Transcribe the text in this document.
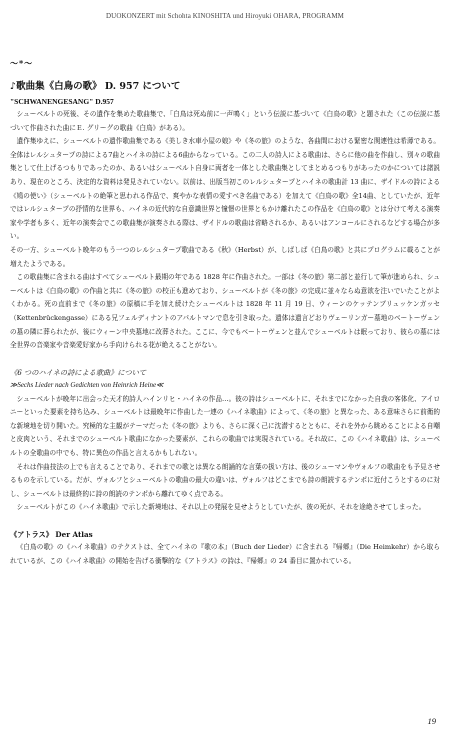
DUOKONZERT mit Schohta KINOSHITA und Hiroyuki OHARA, PROGRAMM
～*～
♪歌曲集《白鳥の歌》 D. 957 について
"SCHWANENGESANG" D.957

シューベルトの死後、その遺作を集めた歌曲集で、「白鳥は死ぬ前に一声鳴く」という伝説に基づいて《白鳥の歌》と題された（この伝説に基づいて作曲された曲にＥ. グリーグの歌曲《白鳥》がある）。

遺作集ゆえに、シューベルトの遺作歌曲集である《美しき水車小屋の娘》や《冬の旅》のような、各曲間における緊密な関連性は希薄である。全体はレルシュタープの詩による7曲とハイネの詩による6曲からなっている。この二人の詩人による歌曲は、さらに他の曲を作曲し、別々の歌曲集として仕上げるつもりであったのか、あるいはシューベルト自身に両者を一体とした歌曲集としてまとめるつもりがあったのかについては諸説あり、現在のところ、決定的な資料は発見されていない。以前は、出版当初このレルシュタープとハイネの歌曲計 13 曲に、ザイドルの詩による《鳩の使い》（シューベルトの絶筆と思われる作品で、爽やかな表情の愛すべき名曲である）を加えて《白鳥の歌》全14曲、としていたが、近年ではレルシュタープの抒情的な世界も、ハイネの近代的な自意識世界と憧憬の世界ともかけ離れたこの作品を《白鳥の歌》とは分けて考える演奏家や学者も多く、近年の演奏会でこの歌曲集が演奏される際は、ザイドルの歌曲は省略されるか、あるいはアンコールにされるなどする場合が多い。

その一方、シューベルト晩年のもう一つのレルシュタープ歌曲である《秋》（Herbst）が、しばしば《白鳥の歌》と共にプログラムに載ることが増えたようである。

この歌曲集に含まれる曲はすべてシューベルト最期の年である 1828 年に作曲された。一部は《冬の旅》第二部と並行して筆が進められ、シューベルトは《白鳥の歌》の作曲と共に《冬の旅》の校正も進めており、シューベルトが《冬の旅》の完成に並々ならぬ意欲を注いでいたことがよくわかる。死の直前まで《冬の旅》の原稿に手を加え続けたシューベルトは 1828 年 11 月 19 日、ウィーンのケッテンブリュッケンガッセ（Kettenbrückengasse）にある兄フェルディナントのアパルトマンで息を引き取った。遺体は遺言どおりヴェーリンガー墓地のベートーヴェンの墓の隣に葬られたが、後にウィーン中央墓地に改葬された。ここに、今でもベートーヴェンと並んでシューベルトは眠っており、彼らの墓には全世界の音楽家や音楽愛好家から手向けられる花が絶えることがない。

《6 つのハイネの詩による歌曲》について
≫Sechs Lieder nach Gedichten von Heinrich Heine≪

シューベルトが晩年に出会った天才的詩人ハインリヒ・ハイネの作品…。彼の詩はシューベルトに、それまでになかった自我の客体化、アイロニーといった要素を持ち込み、シューベルトは最晩年に作曲した一連の《ハイネ歌曲》によって、《冬の旅》と異なった、ある意味さらに前衛的な新境地を切り開いた。究極的な主観がテーマだった《冬の旅》よりも、さらに深く己に沈潜するとともに、それを外から眺めることによる自嘲と皮肉という、それまでのシューベルト歌曲になかった要素が、これらの歌曲では実現されている。それ故に、この《ハイネ歌曲》は、シューベルトの全歌曲の中でも、特に異色の作品と言えるかもしれない。

それは作曲技法の上でも言えることであり、それまでの歌とは異なる朗誦的な言葉の扱い方は、後のシューマンやヴォルフの歌曲をも予見させるものを示している。だが、ヴォルフとシューベルトの歌曲の最大の違いは、ヴォルフはどこまでも詩の朗読するテンポに近付こうとするのに対し、シューベルトは最終的に詩の朗読のテンポから離れてゆく点である。

シューベルトがこの《ハイネ歌曲》で示した新境地は、それ以上の発展を見せようとしていたが、彼の死が、それを途絶させてしまった。

《アトラス》 Der Atlas

《白鳥の歌》の《ハイネ歌曲》のテクストは、全てハイネの『歌の本』（Buch der Lieder）に含まれる『帰郷』（Die Heimkehr）から取られているが、この《ハイネ歌曲》の開始を告げる衝撃的な《アトラス》の詩は、『帰郷』の 24 番目に置かれている。

19
